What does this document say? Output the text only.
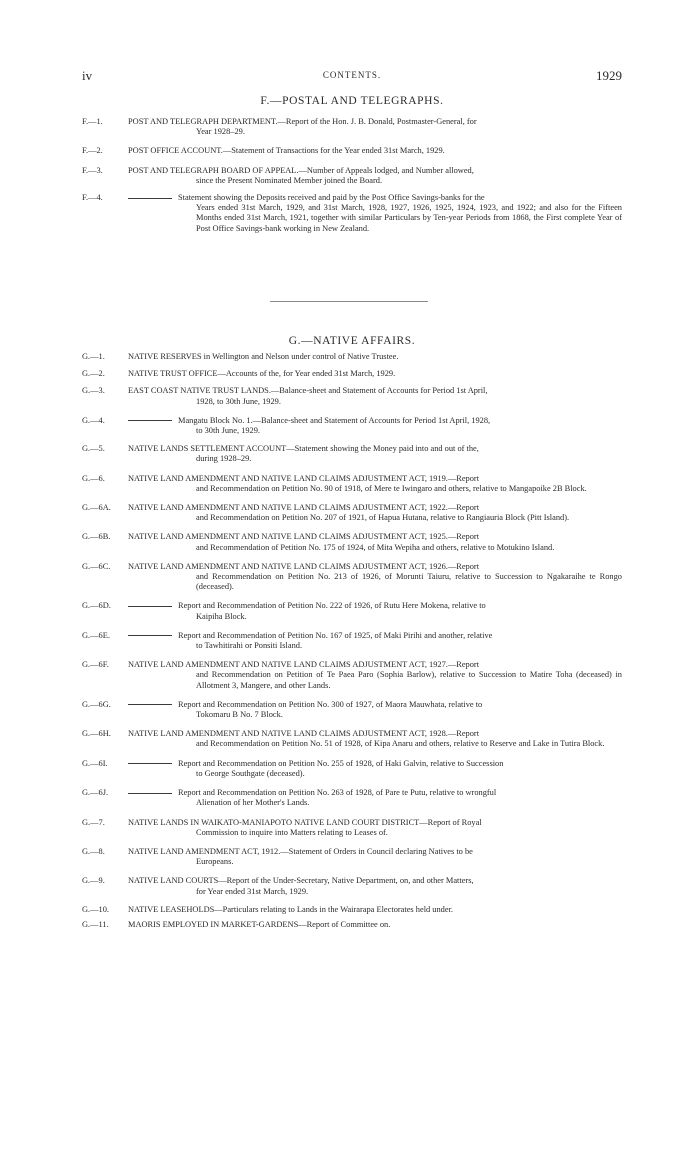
iv	CONTENTS.	1929
F.—POSTAL AND TELEGRAPHS.
F.—1.	POST AND TELEGRAPH DEPARTMENT.—Report of the Hon. J. B. Donald, Postmaster-General, for
Year 1928–29.
F.—2.	POST OFFICE ACCOUNT.—Statement of Transactions for the Year ended 31st March, 1929.
F.—3.	POST AND TELEGRAPH BOARD OF APPEAL.—Number of Appeals lodged, and Number allowed,
since the Present Nominated Member joined the Board.
F.—4.	Statement showing the Deposits received and paid by the Post Office Savings-banks for the
Years ended 31st March, 1929, and 31st March, 1928, 1927, 1926, 1925, 1924, 1923, and 1922; and also for the Fifteen Months ended 31st March, 1921, together with similar Particulars by Ten-year Periods from 1868, the First complete Year of Post Office Savings-bank working in New Zealand.
G.—NATIVE AFFAIRS.
G.—1.	NATIVE RESERVES in Wellington and Nelson under control of Native Trustee.
G.—2.	NATIVE TRUST OFFICE—Accounts of the, for Year ended 31st March, 1929.
G.—3.	EAST COAST NATIVE TRUST LANDS.—Balance-sheet and Statement of Accounts for Period 1st April,
1928, to 30th June, 1929.
G.—4.	Mangatu Block No. 1.—Balance-sheet and Statement of Accounts for Period 1st April, 1928,
to 30th June, 1929.
G.—5.	NATIVE LANDS SETTLEMENT ACCOUNT—Statement showing the Money paid into and out of the,
during 1928–29.
G.—6.	NATIVE LAND AMENDMENT AND NATIVE LAND CLAIMS ADJUSTMENT ACT, 1919.—Report
and Recommendation on Petition No. 90 of 1918, of Mere te Iwingaro and others, relative to Mangapoike 2B Block.
G.—6A.	NATIVE LAND AMENDMENT AND NATIVE LAND CLAIMS ADJUSTMENT ACT, 1922.—Report
and Recommendation on Petition No. 207 of 1921, of Hapua Hutana, relative to Rangiauria Block (Pitt Island).
G.—6B.	NATIVE LAND AMENDMENT AND NATIVE LAND CLAIMS ADJUSTMENT ACT, 1925.—Report
and Recommendation of Petition No. 175 of 1924, of Mita Wepiha and others, relative to Motukino Island.
G.—6C.	NATIVE LAND AMENDMENT AND NATIVE LAND CLAIMS ADJUSTMENT ACT, 1926.—Report
and Recommendation on Petition No. 213 of 1926, of Morunti Taiuru, relative to Succession to Ngakaraihe te Rongo (deceased).
G.—6D.	Report and Recommendation of Petition No. 222 of 1926, of Rutu Here Mokena, relative to
Kaipiha Block.
G.—6E.	Report and Recommendation of Petition No. 167 of 1925, of Maki Pirihi and another, relative
to Tawhitirahi or Ponsiti Island.
G.—6F.	NATIVE LAND AMENDMENT AND NATIVE LAND CLAIMS ADJUSTMENT ACT, 1927.—Report
and Recommendation on Petition of Te Paea Paro (Sophia Barlow), relative to Succession to Matire Toha (deceased) in Allotment 3, Mangere, and other Lands.
G.—6G.	Report and Recommendation on Petition No. 300 of 1927, of Maora Mauwhata, relative to
Tokomaru B No. 7 Block.
G.—6H.	NATIVE LAND AMENDMENT AND NATIVE LAND CLAIMS ADJUSTMENT ACT, 1928.—Report
and Recommendation on Petition No. 51 of 1928, of Kipa Anaru and others, relative to Reserve and Lake in Tutira Block.
G.—6I.	Report and Recommendation on Petition No. 255 of 1928, of Haki Galvin, relative to Succession
to George Southgate (deceased).
G.—6J.	Report and Recommendation on Petition No. 263 of 1928, of Pare te Putu, relative to wrongful
Alienation of her Mother's Lands.
G.—7.	NATIVE LANDS IN WAIKATO-MANIAPOTO NATIVE LAND COURT DISTRICT—Report of Royal
Commission to inquire into Matters relating to Leases of.
G.—8.	NATIVE LAND AMENDMENT ACT, 1912.—Statement of Orders in Council declaring Natives to be
Europeans.
G.—9.	NATIVE LAND COURTS—Report of the Under-Secretary, Native Department, on, and other Matters,
for Year ended 31st March, 1929.
G.—10.	NATIVE LEASEHOLDS—Particulars relating to Lands in the Wairarapa Electorates held under.
G.—11.	MAORIS EMPLOYED IN MARKET-GARDENS—Report of Committee on.
